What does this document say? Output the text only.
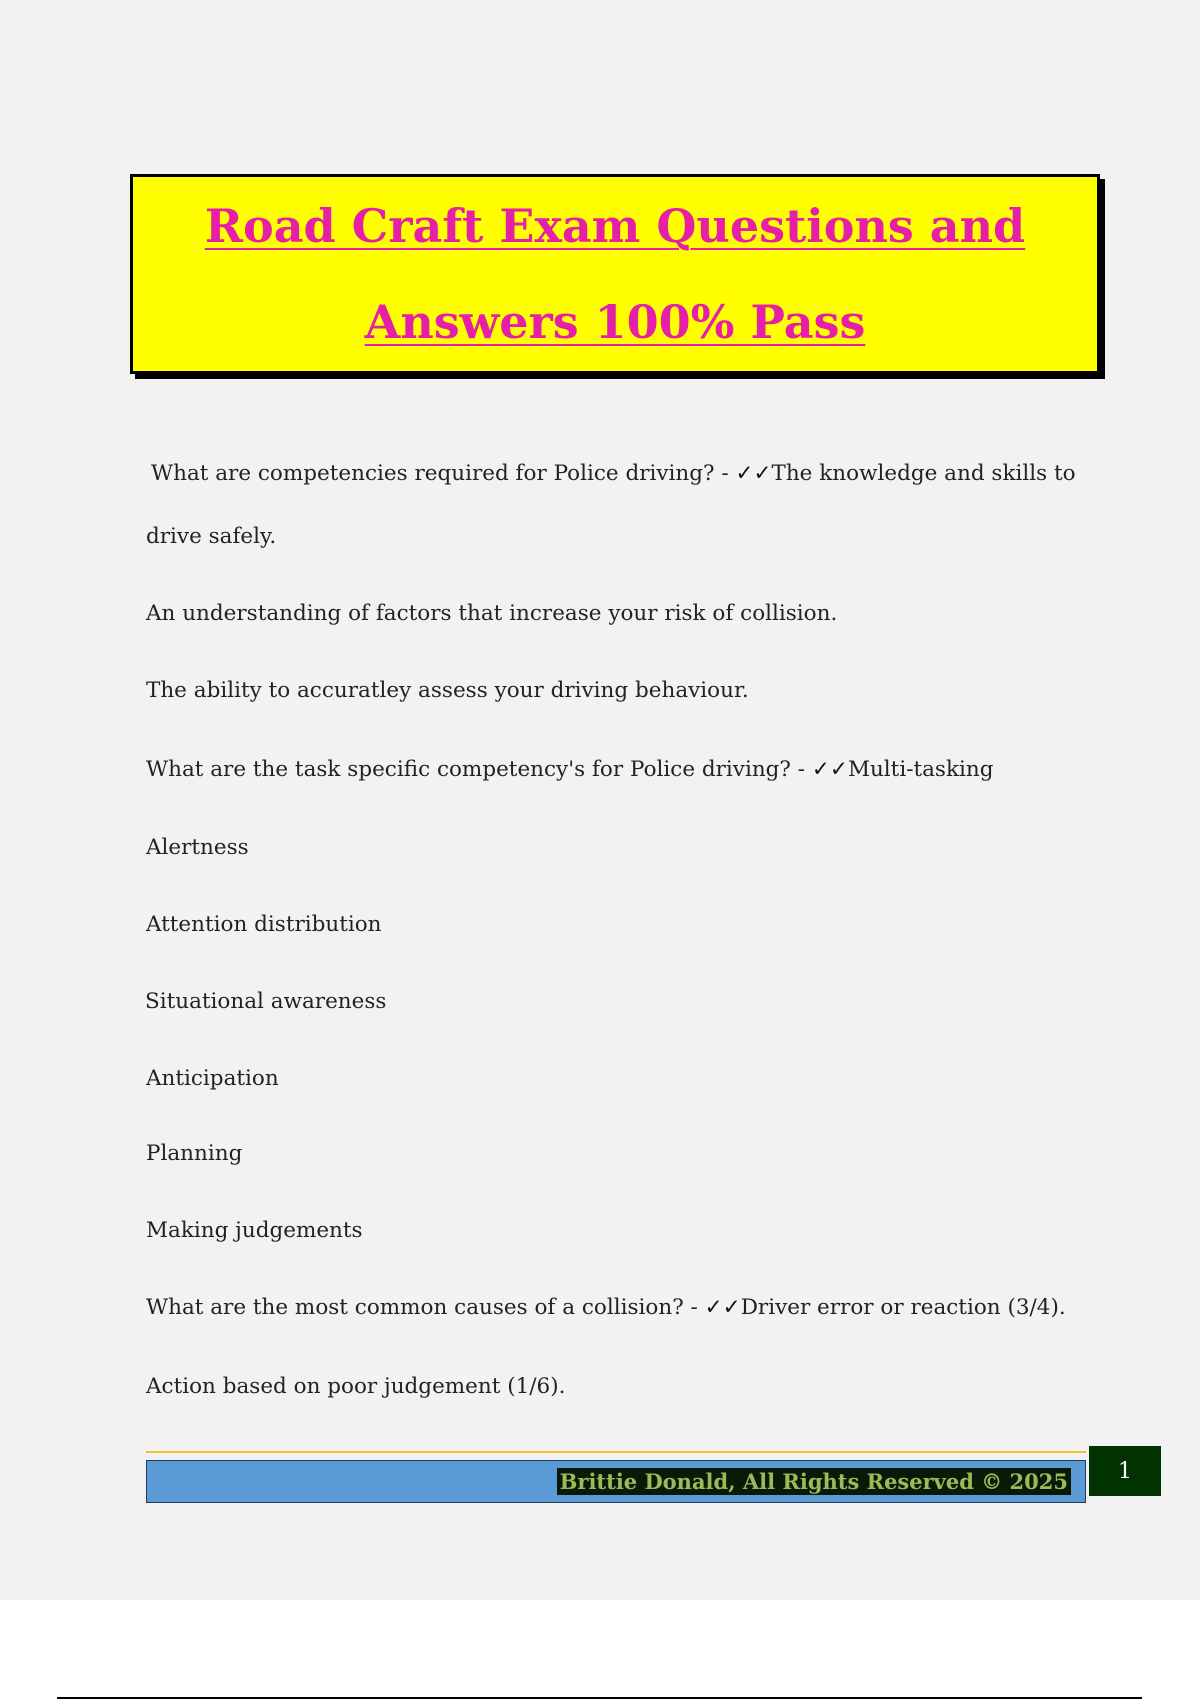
Road Craft Exam Questions and
Answers 100% Pass

What are competencies required for Police driving? - ✓✓The knowledge and skills to

drive safely.

An understanding of factors that increase your risk of collision.

The ability to accuratley assess your driving behaviour.

What are the task specific competency's for Police driving? - ✓✓Multi-tasking

Alertness

Attention distribution

Situational awareness

Anticipation

Planning

Making judgements

What are the most common causes of a collision? - ✓✓Driver error or reaction (3/4).

Action based on poor judgement (1/6).

Brittie Donald, All Rights Reserved © 2025	1
